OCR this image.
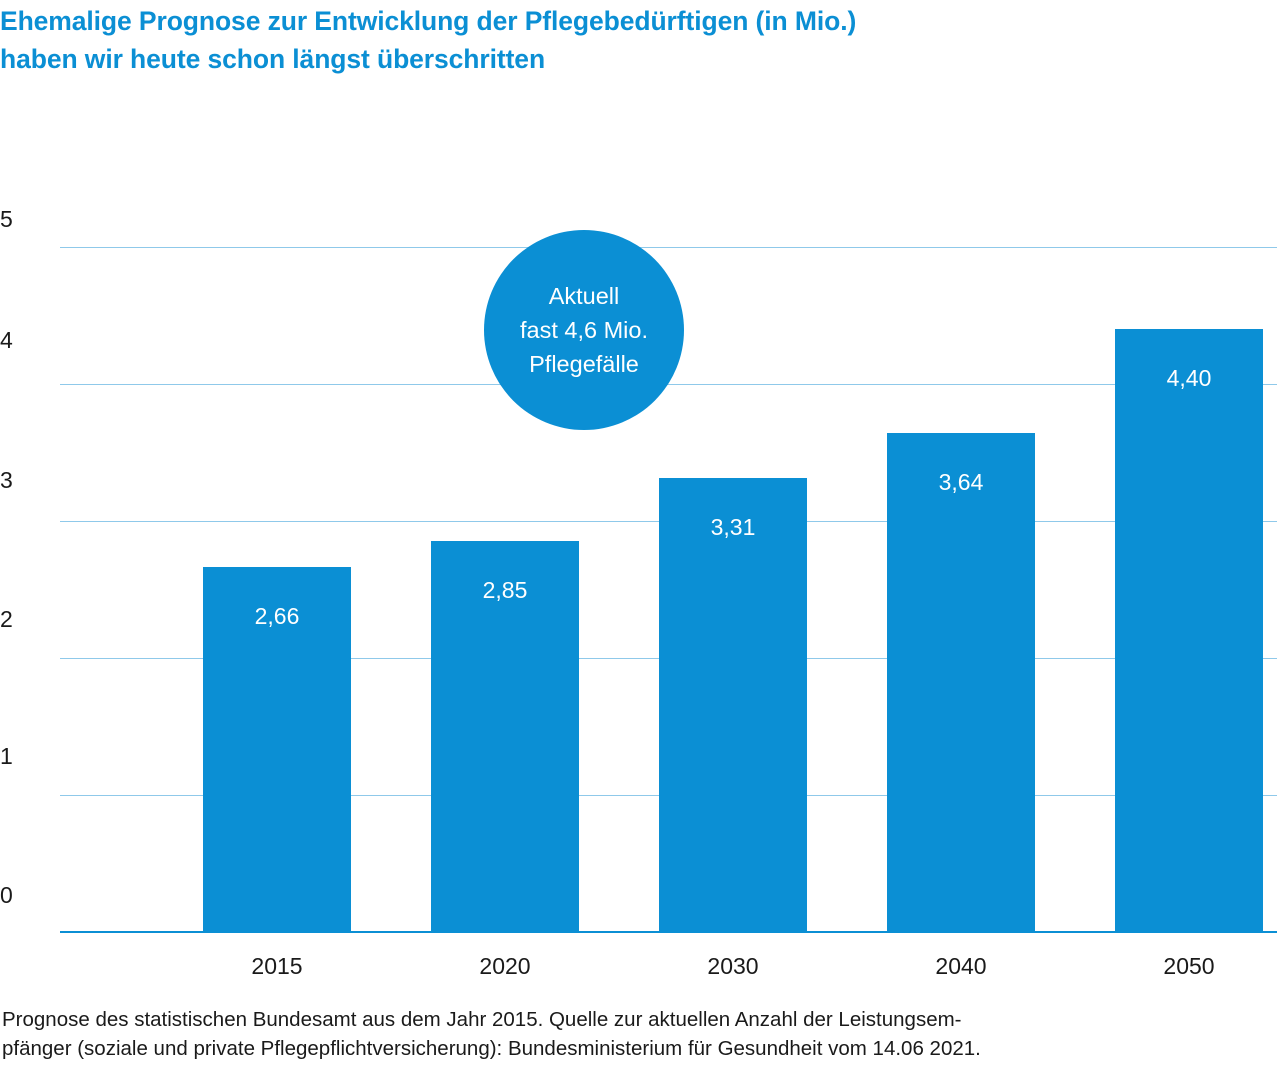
Ehemalige Prognose zur Entwicklung der Pflegebedürftigen (in Mio.)
haben wir heute schon längst überschritten
2,66
2,85
3,31
3,64
4,40
2015	2020	2030	2040	2050
5
4
3
2
1
0
Aktuell
fast 4,6 Mio.
Pflegefälle
Prognose des statistischen Bundesamt aus dem Jahr 2015. Quelle zur aktuellen Anzahl der Leistungsem-
pfänger (soziale und private Pflegepflichtversicherung): Bundesministerium für Gesundheit vom 14.06 2021.
